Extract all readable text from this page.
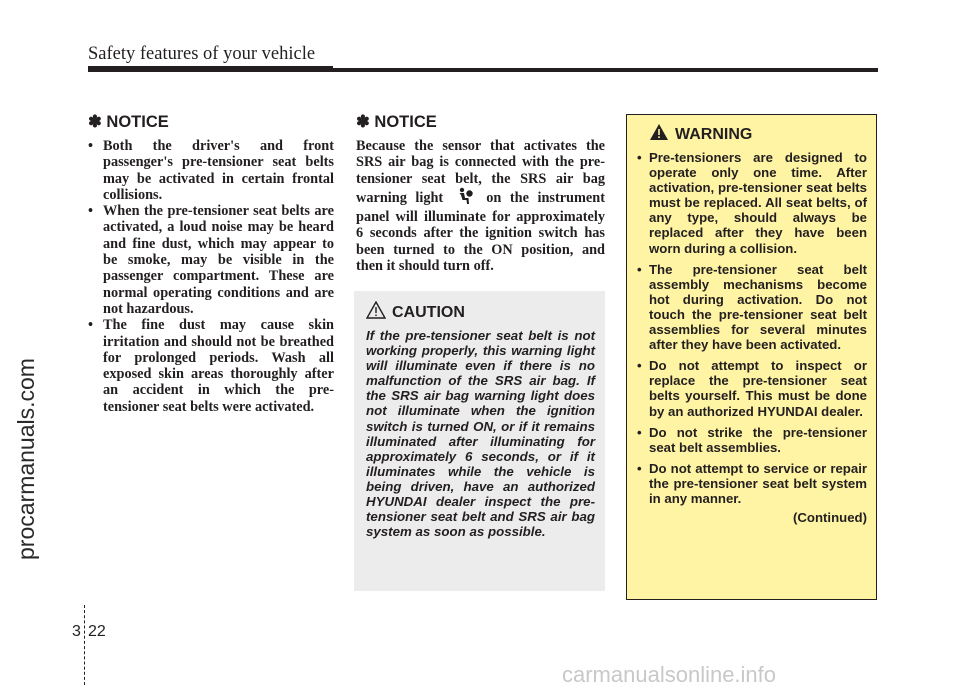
Safety features of your vehicle
procarmanuals.com
✽ NOTICE
• Both the driver's and front passenger's pre-tensioner seat belts may be activated in certain frontal collisions.
• When the pre-tensioner seat belts are activated, a loud noise may be heard and fine dust, which may appear to be smoke, may be visible in the passenger compartment. These are normal operating conditions and are not hazardous.
• The fine dust may cause skin irritation and should not be breathed for prolonged periods. Wash all exposed skin areas thoroughly after an accident in which the pre-tensioner seat belts were activated.
✽ NOTICE

Because the sensor that activates the SRS air bag is connected with the pre-tensioner seat belt, the SRS air bag warning light	on the instrument panel will illuminate for approximately 6 seconds after the ignition switch has been turned to the ON position, and then it should turn off.

CAUTION

If the pre-tensioner seat belt is not working properly, this warning light will illuminate even if there is no malfunction of the SRS air bag. If the SRS air bag warning light does not illuminate when the ignition switch is turned ON, or if it remains illuminated after illuminating for approximately 6 seconds, or if it illuminates while the vehicle is being driven, have an authorized HYUNDAI dealer inspect the pre-tensioner seat belt and SRS air bag system as soon as possible.

WARNING
• Pre-tensioners are designed to operate only one time. After activation, pre-tensioner seat belts must be replaced. All seat belts, of any type, should always be replaced after they have been worn during a collision.
• The pre-tensioner seat belt assembly mechanisms become hot during activation. Do not touch the pre-tensioner seat belt assemblies for several minutes after they have been activated.
• Do not attempt to inspect or replace the pre-tensioner seat belts yourself. This must be done by an authorized HYUNDAI dealer.
• Do not strike the pre-tensioner seat belt assemblies.
• Do not attempt to service or repair the pre-tensioner seat belt system in any manner.
(Continued)
3 22
carmanualsonline.info
